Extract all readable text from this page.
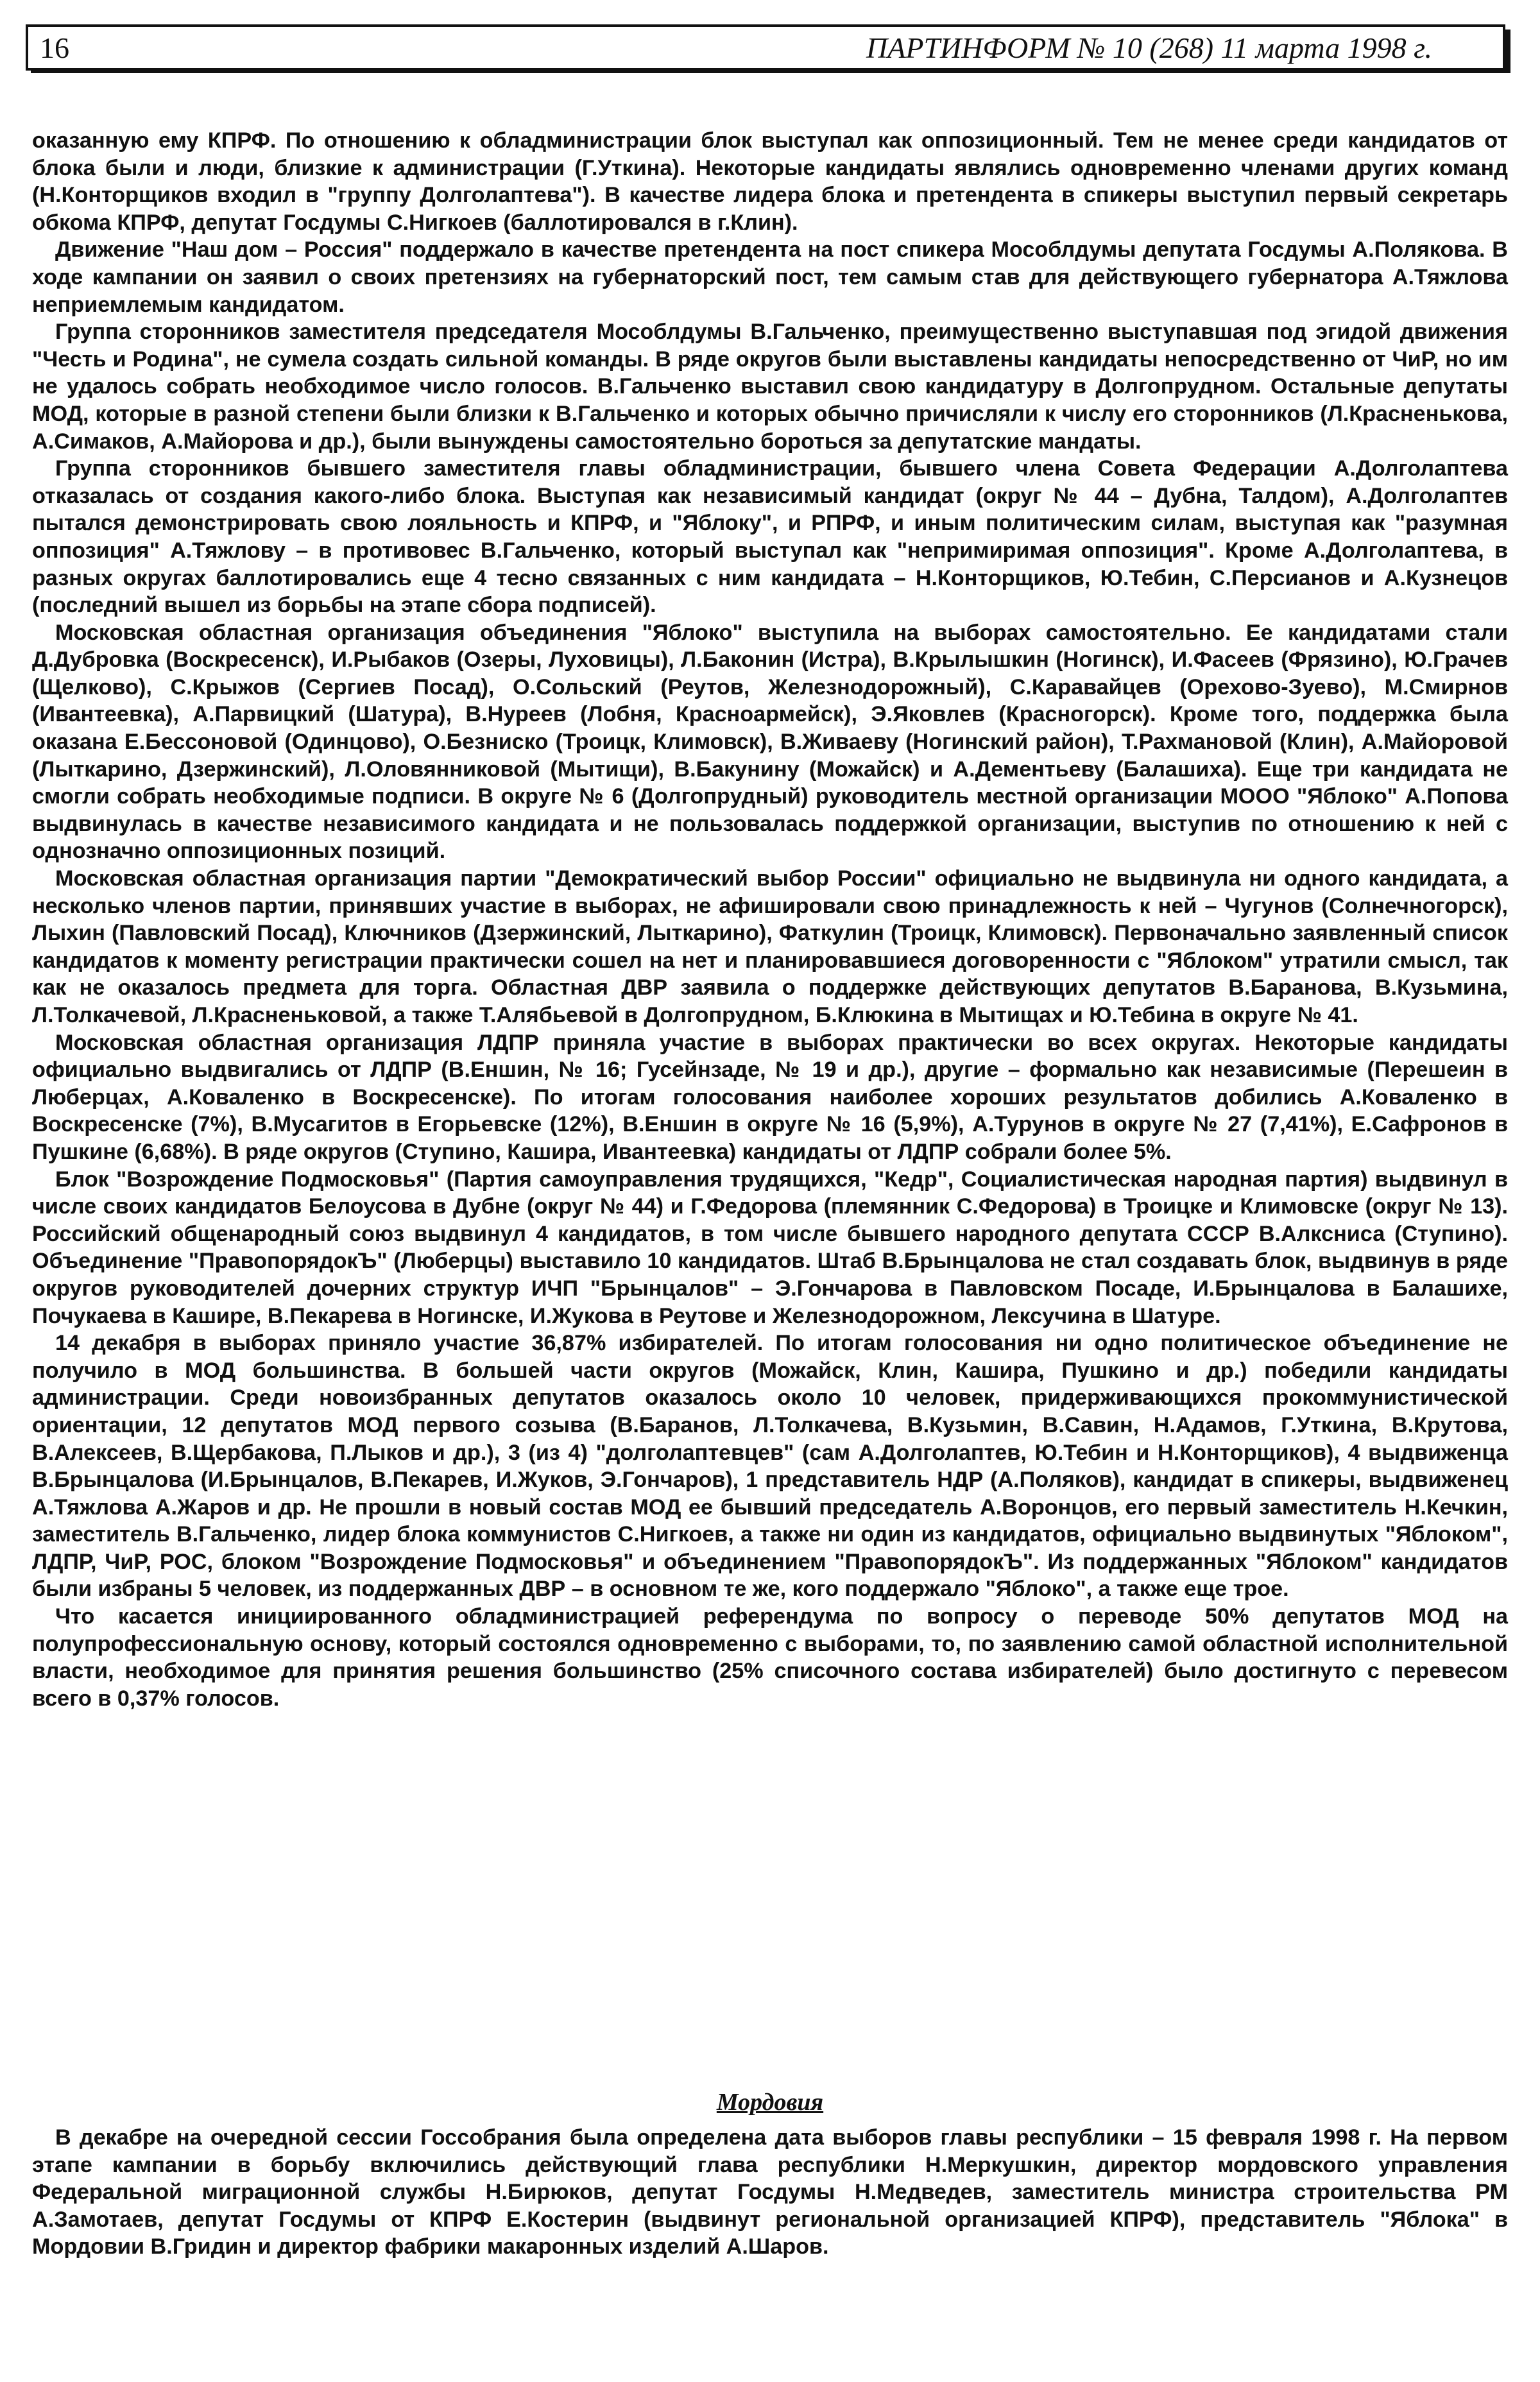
16	ПАРТИНФОРМ № 10 (268) 11 марта 1998 г.

оказанную ему КПРФ. По отношению к обладминистрации блок выступал как оппозиционный. Тем не менее среди кандидатов от блока были и люди, близкие к администрации (Г.Уткина). Некоторые кандидаты являлись одновременно членами других команд (Н.Конторщиков входил в "группу Долголаптева"). В качестве лидера блока и претендента в спикеры выступил первый секретарь обкома КПРФ, депутат Госдумы С.Нигкоев (баллотировался в г.Клин).

Движение "Наш дом – Россия" поддержало в качестве претендента на пост спикера Мособлдумы депутата Госдумы А.Полякова. В ходе кампании он заявил о своих претензиях на губернаторский пост, тем самым став для действующего губернатора А.Тяжлова неприемлемым кандидатом.

Группа сторонников заместителя председателя Мособлдумы В.Гальченко, преимущественно выступавшая под эгидой движения "Честь и Родина", не сумела создать сильной команды. В ряде округов были выставлены кандидаты непосредственно от ЧиР, но им не удалось собрать необходимое число голосов. В.Гальченко выставил свою кандидатуру в Долгопрудном. Остальные депутаты МОД, которые в разной степени были близки к В.Гальченко и которых обычно причисляли к числу его сторонников (Л.Красненькова, А.Симаков, А.Майорова и др.), были вынуждены самостоятельно бороться за депутатские мандаты.

Группа сторонников бывшего заместителя главы обладминистрации, бывшего члена Совета Федерации А.Долголаптева отказалась от создания какого-либо блока. Выступая как независимый кандидат (округ № 44 – Дубна, Талдом), А.Долголаптев пытался демонстрировать свою лояльность и КПРФ, и "Яблоку", и РПРФ, и иным политическим силам, выступая как "разумная оппозиция" А.Тяжлову – в противовес В.Гальченко, который выступал как "непримиримая оппозиция". Кроме А.Долголаптева, в разных округах баллотировались еще 4 тесно связанных с ним кандидата – Н.Конторщиков, Ю.Тебин, С.Персианов и А.Кузнецов (последний вышел из борьбы на этапе сбора подписей).

Московская областная организация объединения "Яблоко" выступила на выборах самостоятельно. Ее кандидатами стали Д.Дубровка (Воскресенск), И.Рыбаков (Озеры, Луховицы), Л.Баконин (Истра), В.Крылышкин (Ногинск), И.Фасеев (Фрязино), Ю.Грачев (Щелково), С.Крыжов (Сергиев Посад), О.Сольский (Реутов, Железнодорожный), С.Каравайцев (Орехово-Зуево), М.Смирнов (Ивантеевка), А.Парвицкий (Шатура), В.Нуреев (Лобня, Красноармейск), Э.Яковлев (Красногорск). Кроме того, поддержка была оказана Е.Бессоновой (Одинцово), О.Безниско (Троицк, Климовск), В.Живаеву (Ногинский район), Т.Рахмановой (Клин), А.Майоровой (Лыткарино, Дзержинский), Л.Оловянниковой (Мытищи), В.Бакунину (Можайск) и А.Дементьеву (Балашиха). Еще три кандидата не смогли собрать необходимые подписи. В округе № 6 (Долгопрудный) руководитель местной организации МООО "Яблоко" А.Попова выдвинулась в качестве независимого кандидата и не пользовалась поддержкой организации, выступив по отношению к ней с однозначно оппозиционных позиций.

Московская областная организация партии "Демократический выбор России" официально не выдвинула ни одного кандидата, а несколько членов партии, принявших участие в выборах, не афишировали свою принадлежность к ней – Чугунов (Солнечногорск), Лыхин (Павловский Посад), Ключников (Дзержинский, Лыткарино), Фаткулин (Троицк, Климовск). Первоначально заявленный список кандидатов к моменту регистрации практически сошел на нет и планировавшиеся договоренности с "Яблоком" утратили смысл, так как не оказалось предмета для торга. Областная ДВР заявила о поддержке действующих депутатов В.Баранова, В.Кузьмина, Л.Толкачевой, Л.Красненьковой, а также Т.Алябьевой в Долгопрудном, Б.Клюкина в Мытищах и Ю.Тебина в округе № 41.

Московская областная организация ЛДПР приняла участие в выборах практически во всех округах. Некоторые кандидаты официально выдвигались от ЛДПР (В.Еншин, № 16; Гусейнзаде, № 19 и др.), другие – формально как независимые (Перешеин в Люберцах, А.Коваленко в Воскресенске). По итогам голосования наиболее хороших результатов добились А.Коваленко в Воскресенске (7%), В.Мусагитов в Егорьевске (12%), В.Еншин в округе № 16 (5,9%), А.Турунов в округе № 27 (7,41%), Е.Сафронов в Пушкине (6,68%). В ряде округов (Ступино, Кашира, Ивантеевка) кандидаты от ЛДПР собрали более 5%.

Блок "Возрождение Подмосковья" (Партия самоуправления трудящихся, "Кедр", Социалистическая народная партия) выдвинул в числе своих кандидатов Белоусова в Дубне (округ № 44) и Г.Федорова (племянник С.Федорова) в Троицке и Климовске (округ № 13). Российский общенародный союз выдвинул 4 кандидатов, в том числе бывшего народного депутата СССР В.Алксниса (Ступино). Объединение "ПравопорядокЪ" (Люберцы) выставило 10 кандидатов. Штаб В.Брынцалова не стал создавать блок, выдвинув в ряде округов руководителей дочерних структур ИЧП "Брынцалов" – Э.Гончарова в Павловском Посаде, И.Брынцалова в Балашихе, Почукаева в Кашире, В.Пекарева в Ногинске, И.Жукова в Реутове и Железнодорожном, Лексучина в Шатуре.

14 декабря в выборах приняло участие 36,87% избирателей. По итогам голосования ни одно политическое объединение не получило в МОД большинства. В большей части округов (Можайск, Клин, Кашира, Пушкино и др.) победили кандидаты администрации. Среди новоизбранных депутатов оказалось около 10 человек, придерживающихся прокоммунистической ориентации, 12 депутатов МОД первого созыва (В.Баранов, Л.Толкачева, В.Кузьмин, В.Савин, Н.Адамов, Г.Уткина, В.Крутова, В.Алексеев, В.Щербакова, П.Лыков и др.), 3 (из 4) "долголаптевцев" (сам А.Долголаптев, Ю.Тебин и Н.Конторщиков), 4 выдвиженца В.Брынцалова (И.Брынцалов, В.Пекарев, И.Жуков, Э.Гончаров), 1 представитель НДР (А.Поляков), кандидат в спикеры, выдвиженец А.Тяжлова А.Жаров и др. Не прошли в новый состав МОД ее бывший председатель А.Воронцов, его первый заместитель Н.Кечкин, заместитель В.Гальченко, лидер блока коммунистов С.Нигкоев, а также ни один из кандидатов, официально выдвинутых "Яблоком", ЛДПР, ЧиР, РОС, блоком "Возрождение Подмосковья" и объединением "ПравопорядокЪ". Из поддержанных "Яблоком" кандидатов были избраны 5 человек, из поддержанных ДВР – в основном те же, кого поддержало "Яблоко", а также еще трое.

Что касается инициированного обладминистрацией референдума по вопросу о переводе 50% депутатов МОД на полупрофессиональную основу, который состоялся одновременно с выборами, то, по заявлению самой областной исполнительной власти, необходимое для принятия решения большинство (25% списочного состава избирателей) было достигнуто с перевесом всего в 0,37% голосов.

Мордовия

В декабре на очередной сессии Госсобрания была определена дата выборов главы республики – 15 февраля 1998 г. На первом этапе кампании в борьбу включились действующий глава республики Н.Меркушкин, директор мордовского управления Федеральной миграционной службы Н.Бирюков, депутат Госдумы Н.Медведев, заместитель министра строительства РМ А.Замотаев, депутат Госдумы от КПРФ Е.Костерин (выдвинут региональной организацией КПРФ), представитель "Яблока" в Мордовии В.Гридин и директор фабрики макаронных изделий А.Шаров.
